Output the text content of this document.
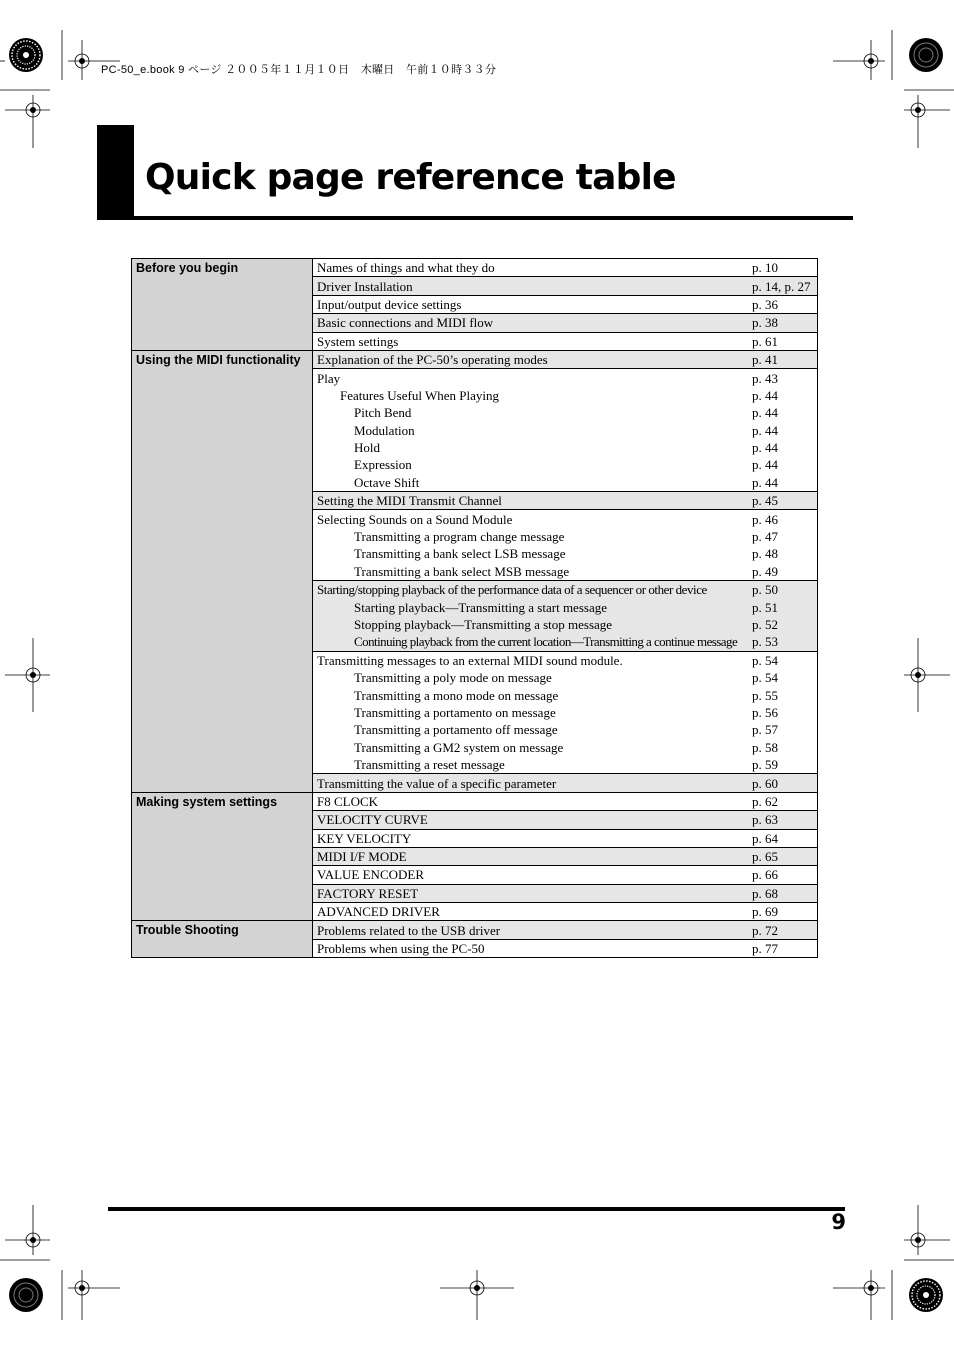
PC-50_e.book 9 ページ ２００５年１１月１０日　木曜日　午前１０時３３分
Quick page reference table
Before you begin	Names of things and what they do	p. 10
	Driver Installation	p. 14, p. 27
	Input/output device settings	p. 36
	Basic connections and MIDI flow	p. 38
	System settings	p. 61
Using the MIDI functionality	Explanation of the PC-50’s operating modes	p. 41
	Play	p. 43
	Features Useful When Playing	p. 44
	Pitch Bend	p. 44
	Modulation	p. 44
	Hold	p. 44
	Expression	p. 44
	Octave Shift	p. 44
	Setting the MIDI Transmit Channel	p. 45
	Selecting Sounds on a Sound Module	p. 46
	Transmitting a program change message	p. 47
	Transmitting a bank select LSB message	p. 48
	Transmitting a bank select MSB message	p. 49
	Starting/stopping playback of the performance data of a sequencer or other device	p. 50
	Starting playback—Transmitting a start message	p. 51
	Stopping playback—Transmitting a stop message	p. 52
	Continuing playback from the current location—Transmitting a continue message	p. 53
	Transmitting messages to an external MIDI sound module.	p. 54
	Transmitting a poly mode on message	p. 54
	Transmitting a mono mode on message	p. 55
	Transmitting a portamento on message	p. 56
	Transmitting a portamento off message	p. 57
	Transmitting a GM2 system on message	p. 58
	Transmitting a reset message	p. 59
	Transmitting the value of a specific parameter	p. 60
Making system settings	F8 CLOCK	p. 62
	VELOCITY CURVE	p. 63
	KEY VELOCITY	p. 64
	MIDI I/F MODE	p. 65
	VALUE ENCODER	p. 66
	FACTORY RESET	p. 68
	ADVANCED DRIVER	p. 69
Trouble Shooting	Problems related to the USB driver	p. 72
	Problems when using the PC-50	p. 77
9
